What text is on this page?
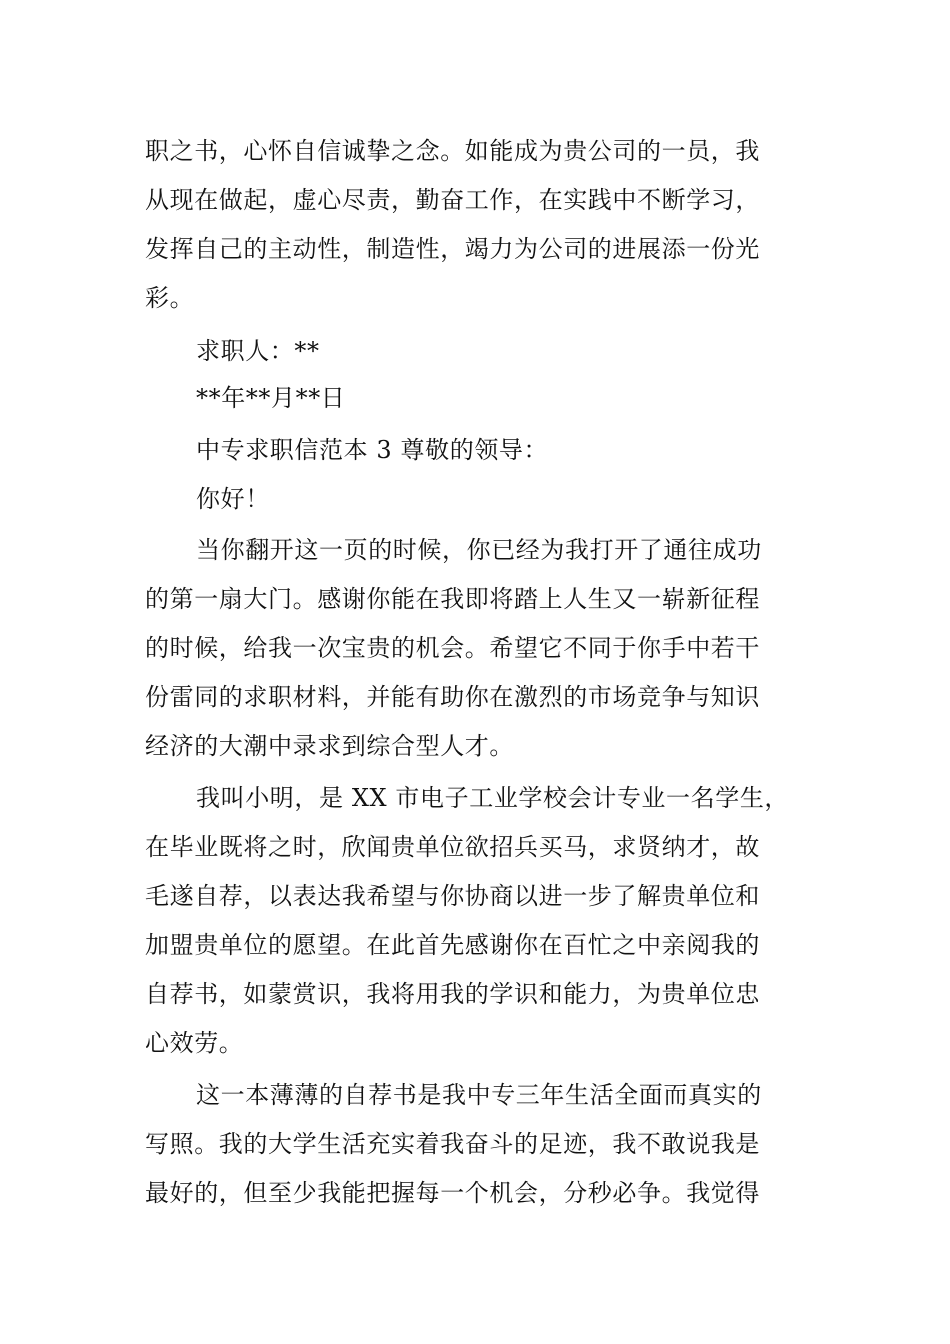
职之书，心怀自信诚挚之念。如能成为贵公司的一员，我
从现在做起，虚心尽责，勤奋工作，在实践中不断学习，
发挥自己的主动性，制造性，竭力为公司的进展添一份光
彩。
求职人：**
**年**月**日
中专求职信范本 3 尊敬的领导：
你好！
当你翻开这一页的时候，你已经为我打开了通往成功
的第一扇大门。感谢你能在我即将踏上人生又一崭新征程
的时候，给我一次宝贵的机会。希望它不同于你手中若干
份雷同的求职材料，并能有助你在激烈的市场竞争与知识
经济的大潮中录求到综合型人才。
我叫小明，是 XX 市电子工业学校会计专业一名学生，
在毕业既将之时，欣闻贵单位欲招兵买马，求贤纳才，故
毛遂自荐，以表达我希望与你协商以进一步了解贵单位和
加盟贵单位的愿望。在此首先感谢你在百忙之中亲阅我的
自荐书，如蒙赏识，我将用我的学识和能力，为贵单位忠
心效劳。
这一本薄薄的自荐书是我中专三年生活全面而真实的
写照。我的大学生活充实着我奋斗的足迹，我不敢说我是
最好的，但至少我能把握每一个机会，分秒必争。我觉得
